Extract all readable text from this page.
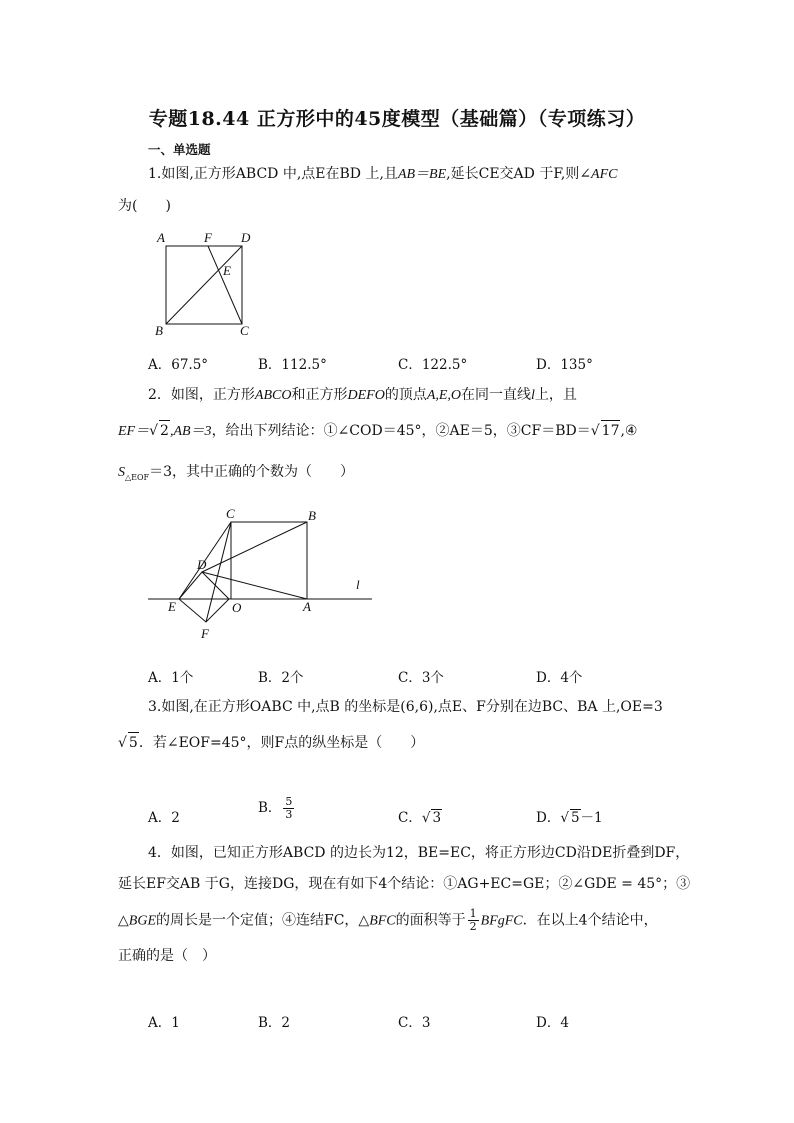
专题18.44 正方形中的45度模型（基础篇）（专项练习）
一、单选题
1.如图,正方形ABCD 中,点E在BD 上,且AB＝BE,延长CE交AD 于F,则∠AFC
为(　　)
A	F D
E
B	C
A．67.5°	B．112.5°	C．122.5°	D．135°
2．如图，正方形ABCO和正方形DEFO的顶点A,E,O在同一直线l上，且
EF＝√ 2,AB＝3，给出下列结论：①∠COD＝45°，②AE＝5，③CF＝BD＝√ 17,④
$S_{\triangle EOF}=3$，其中正确的个数为（　　）
C	B
D
E	O	A
F
l
A．1个	B．2个	C．3个	D．4个
3.如图,在正方形OABC 中,点B 的坐标是(6,6),点E、F分别在边BC、BA 上,OE=3
√ 5．若∠EOF=45°，则F点的纵坐标是（　　）
A．2
B． $\frac{5}{3}$	C．√ 3	D．√ 5－1
4．如图，已知正方形ABCD 的边长为12，BE=EC，将正方形边CD沿DE折叠到DF，
延长EF交AB 于G，连接DG，现在有如下4个结论：①AG+EC=GE；②∠GDE = 45°；③
△BGE的周长是一个定值；④连结FC，△BFC的面积等于 $\frac{1}{2}$ BFgFC．在以上4个结论中，
正确的是（　）
A．1	B．2	C．3	D．4
